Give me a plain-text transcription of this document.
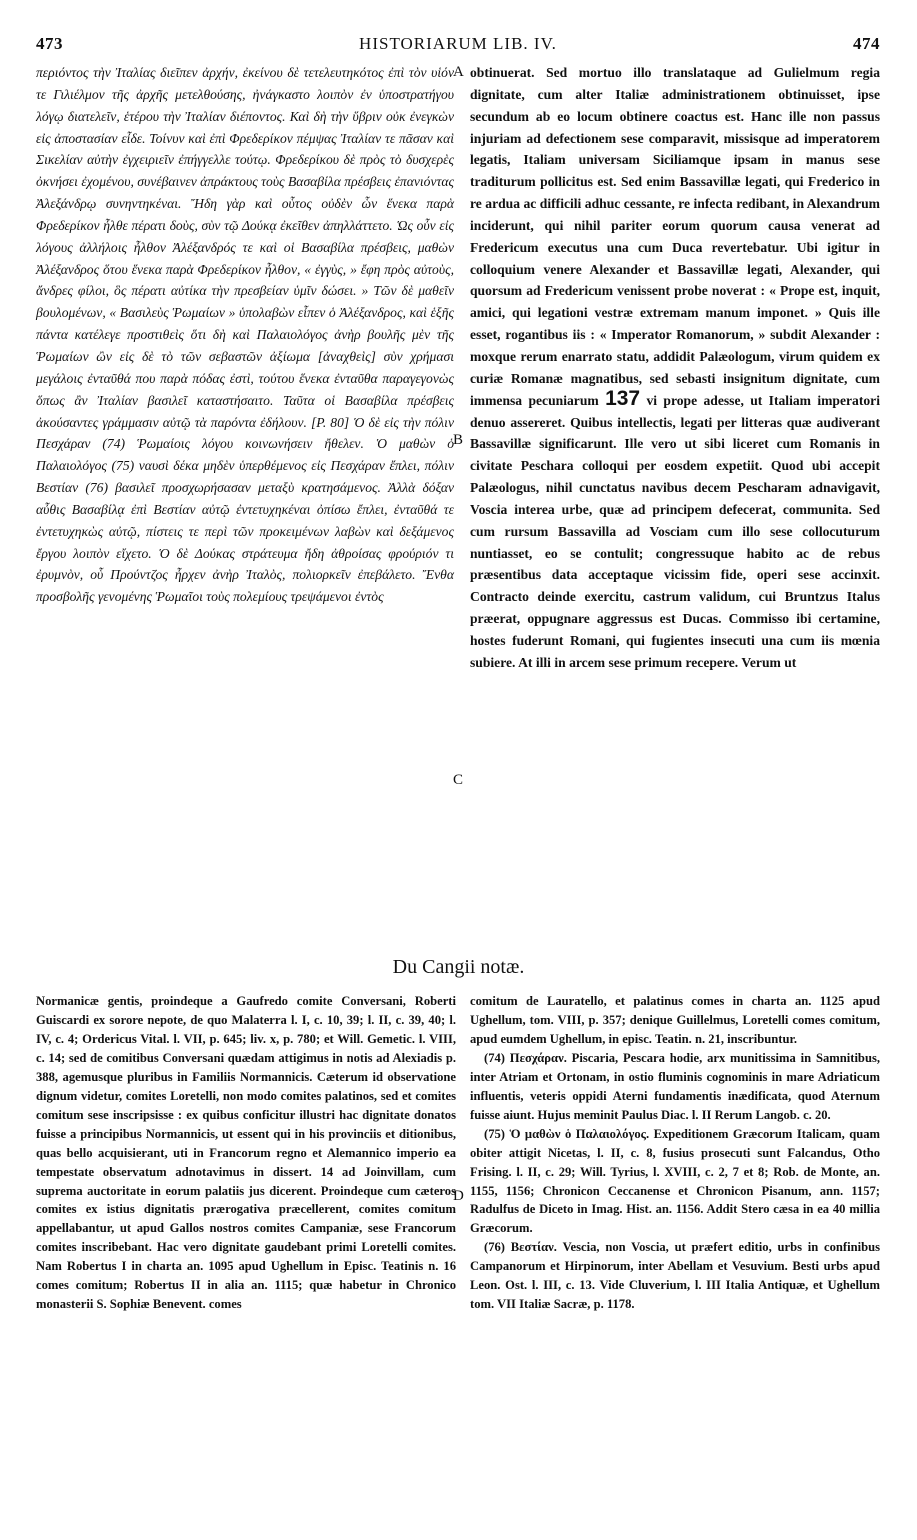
473	HISTORIARUM LIB. IV.	474

περιόντος τὴν Ἰταλίας διεῖπεν ἀρχήν, ἐκείνου δὲ τετελευτηκότος ἐπὶ τὸν υἱόν τε Γιλιέλμον τῆς ἀρχῆς μετελθούσης, ἠνάγκαστο λοιπὸν ἐν ὑποστρατήγου λόγῳ διατελεῖν, ἑτέρου τὴν Ἰταλίαν διέποντος. Καὶ δὴ τὴν ὕβριν οὐκ ἐνεγκὼν εἰς ἀποστασίαν εἶδε. Τοίνυν καὶ ἐπὶ Φρεδερίκον πέμψας Ἰταλίαν τε πᾶσαν καὶ Σικελίαν αὐτὴν ἐγχειριεῖν ἐπήγγελλε τούτῳ. Φρεδερίκου δὲ πρὸς τὸ δυσχερὲς ὀκνήσει ἐχομένου, συνέβαινεν ἀπράκτους τοὺς Βασαβίλα πρέσβεις ἐπανιόντας Ἀλεξάνδρῳ συνηντηκέναι. Ἤδη γὰρ καὶ οὗτος οὐδὲν ὧν ἕνεκα παρὰ Φρεδερίκον ἦλθε πέρατι δοὺς, σὺν τῷ Δούκᾳ ἐκεῖθεν ἀπηλλάττετο. Ὡς οὖν εἰς λόγους ἀλλήλοις ἦλθον Ἀλέξανδρός τε καὶ οἱ Βασαβίλα πρέσβεις, μαθὼν Ἀλέξανδρος ὅτου ἕνεκα παρὰ Φρεδερίκον ἦλθον, « ἐγγὺς, » ἔφη πρὸς αὐτοὺς, ἄνδρες φίλοι, ὃς πέρατι αὐτίκα τὴν πρεσβείαν ὑμῖν δώσει. » Τῶν δὲ μαθεῖν βουλομένων, « Βασιλεὺς Ῥωμαίων » ὑπολαβὼν εἶπεν ὁ Ἀλέξανδρος, καὶ ἑξῆς πάντα κατέλεγε προστιθεὶς ὅτι δὴ καὶ Παλαιολόγος ἀνὴρ βουλῆς μὲν τῆς Ῥωμαίων ὢν εἰς δὲ τὸ τῶν σεβαστῶν ἀξίωμα [ἀναχθεὶς] σὺν χρήμασι μεγάλοις ἐνταῦθά που παρὰ πόδας ἐστὶ, τούτου ἕνεκα ἐνταῦθα παραγεγονὼς ὅπως ἂν Ἰταλίαν βασιλεῖ καταστήσαιτο. Ταῦτα οἱ Βασαβίλα πρέσβεις ἀκούσαντες γράμμασιν αὐτῷ τὰ παρόντα ἐδήλουν. [P. 80] Ὁ δὲ εἰς τὴν πόλιν Πεσχάραν (74) Ῥωμαίοις λόγου κοινωνήσειν ἤθελεν. Ὁ μαθὼν ὁ Παλαιολόγος (75) ναυσὶ δέκα μηδὲν ὑπερθέμενος εἰς Πεσχάραν ἔπλει, πόλιν Βεστίαν (76) βασιλεῖ προσχωρήσασαν μεταξὺ κρατησάμενος. Ἀλλὰ δόξαν αὖθις Βασαβίλᾳ ἐπὶ Βεστίαν αὐτῷ ἐντετυχηκέναι ὀπίσω ἔπλει, ἐνταῦθά τε ἐντετυχηκὼς αὐτῷ, πίστεις τε περὶ τῶν προκειμένων λαβὼν καὶ δεξάμενος ἔργου λοιπὸν εἴχετο. Ὁ δὲ Δούκας στράτευμα ἤδη ἀθροίσας φρούριόν τι ἐρυμνὸν, οὗ Προύντζος ἦρχεν ἀνὴρ Ἰταλὸς, πολιορκεῖν ἐπεβάλετο. Ἔνθα προσβολῆς γενομένης Ῥωμαῖοι τοὺς πολεμίους τρεψάμενοι ἐντὸς

A
B
C

obtinuerat. Sed mortuo illo translataque ad Gulielmum regia dignitate, cum alter Italiæ administrationem obtinuisset, ipse secundum ab eo locum obtinere coactus est. Hanc ille non passus injuriam ad defectionem sese comparavit, missisque ad imperatorem legatis, Italiam universam Siciliamque ipsam in manus sese traditurum pollicitus est. Sed enim Bassavillæ legati, qui Frederico in re ardua ac difficili adhuc cessante, re infecta redibant, in Alexandrum inciderunt, qui nihil pariter eorum quorum causa venerat ad Fredericum executus una cum Duca revertebatur. Ubi igitur in colloquium venere Alexander et Bassavillæ legati, Alexander, qui quorsum ad Fredericum venissent probe noverat : « Prope est, inquit, amici, qui legationi vestræ extremam manum imponet. » Quis ille esset, rogantibus iis : « Imperator Romanorum, » subdit Alexander : moxque rerum enarrato statu, addidit Palæologum, virum quidem ex curiæ Romanæ magnatibus, sed sebasti insignitum dignitate, cum immensa pecuniarum 137 vi prope adesse, ut Italiam imperatori denuo assereret. Quibus intellectis, legati per litteras quæ audiverant Bassavillæ significarunt. Ille vero ut sibi liceret cum Romanis in civitate Peschara colloqui per eosdem expetiit. Quod ubi accepit Palæologus, nihil cunctatus navibus decem Pescharam adnavigavit, Voscia interea urbe, quæ ad principem defecerat, communita. Sed cum rursum Bassavilla ad Vosciam cum illo sese collocuturum nuntiasset, eo se contulit; congressuque habito ac de rebus præsentibus data acceptaque vicissim fide, operi sese accinxit. Contracto deinde exercitu, castrum validum, cui Bruntzus Italus præerat, oppugnare aggressus est Ducas. Commisso ibi certamine, hostes fuderunt Romani, qui fugientes insecuti una cum iis mœnia subiere. At illi in arcem sese primum recepere. Verum ut

Du Cangii notæ.

Normanicæ gentis, proindeque a Gaufredo comite Conversani, Roberti Guiscardi ex sorore nepote, de quo Malaterra l. I, c. 10, 39; l. II, c. 39, 40; l. IV, c. 4; Ordericus Vital. l. VII, p. 645; liv. x, p. 780; et Will. Gemetic. l. VIII, c. 14; sed de comitibus Conversani quædam attigimus in notis ad Alexiadis p. 388, agemusque pluribus in Familiis Normannicis. Cæterum id observatione dignum videtur, comites Loretelli, non modo comites palatinos, sed et comites comitum sese inscripsisse : ex quibus conficitur illustri hac dignitate donatos fuisse a principibus Normannicis, ut essent qui in his provinciis et ditionibus, quas bello acquisierant, uti in Francorum regno et Alemannico imperio ea tempestate observatum adnotavimus in dissert. 14 ad Joinvillam, cum suprema auctoritate in eorum palatiis jus dicerent. Proindeque cum cæteros comites ex istius dignitatis prærogativa præcellerent, comites comitum appellabantur, ut apud Gallos nostros comites Campaniæ, sese Francorum comites inscribebant. Hac vero dignitate gaudebant primi Loretelli comites. Nam Robertus I in charta an. 1095 apud Ughellum in Episc. Teatinis n. 16 comes comitum; Robertus II in alia an. 1115; quæ habetur in Chronico monasterii S. Sophiæ Benevent. comes

D

comitum de Lauratello, et palatinus comes in charta an. 1125 apud Ughellum, tom. VIII, p. 357; denique Guillelmus, Loretelli comes comitum, apud eumdem Ughellum, in episc. Teatin. n. 21, inscribuntur.

(74) Πεσχάραν. Piscaria, Pescara hodie, arx munitissima in Samnitibus, inter Atriam et Ortonam, in ostio fluminis cognominis in mare Adriaticum influentis, veteris oppidi Aterni fundamentis inædificata, quod Aternum fuisse aiunt. Hujus meminit Paulus Diac. l. II Rerum Langob. c. 20.

(75) Ὁ μαθὼν ὁ Παλαιολόγος. Expeditionem Græcorum Italicam, quam obiter attigit Nicetas, l. II, c. 8, fusius prosecuti sunt Falcandus, Otho Frising. l. II, c. 29; Will. Tyrius, l. XVIII, c. 2, 7 et 8; Rob. de Monte, an. 1155, 1156; Chronicon Ceccanense et Chronicon Pisanum, ann. 1157; Radulfus de Diceto in Imag. Hist. an. 1156. Addit Stero cæsa in ea 40 millia Græcorum.

(76) Βεστίαν. Vescia, non Voscia, ut præfert editio, urbs in confinibus Campanorum et Hirpinorum, inter Abellam et Vesuvium. Besti urbs apud Leon. Ost. l. III, c. 13. Vide Cluverium, l. III Italia Antiquæ, et Ughellum tom. VII Italiæ Sacræ, p. 1178.
